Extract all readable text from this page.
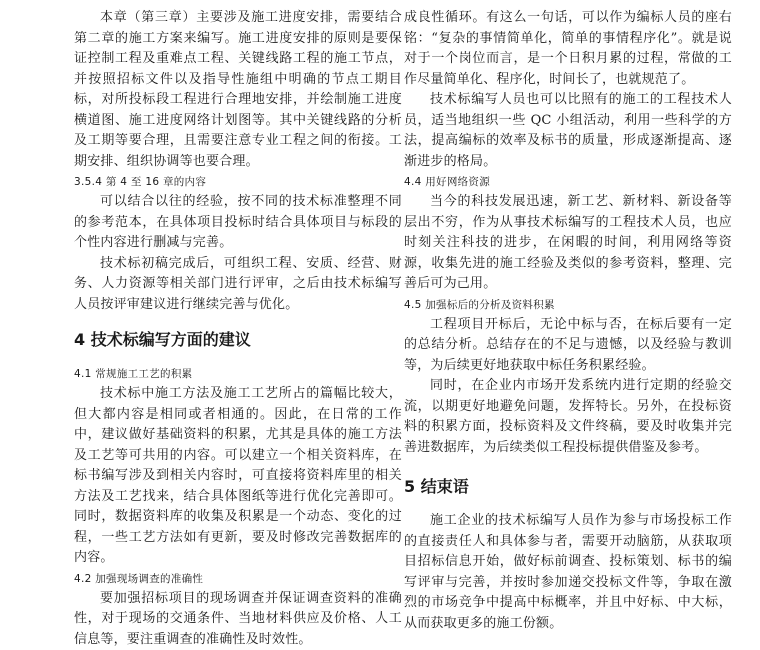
本章（第三章）主要涉及施工进度安排，需要结合第二章的施工方案来编写。施工进度安排的原则是要保证控制工程及重难点工程、关键线路工程的施工节点，并按照招标文件以及指导性施组中明确的节点工期目标，对所投标段工程进行合理地安排，并绘制施工进度横道图、施工进度网络计划图等。其中关键线路的分析及工期等要合理，且需要注意专业工程之间的衔接。工期安排、组织协调等也要合理。

3.5.4 第 4 至 16 章的内容

可以结合以往的经验，按不同的技术标准整理不同的参考范本，在具体项目投标时结合具体项目与标段的个性内容进行删减与完善。

技术标初稿完成后，可组织工程、安质、经营、财务、人力资源等相关部门进行评审，之后由技术标编写人员按评审建议进行继续完善与优化。

4 技术标编写方面的建议
4.1 常规施工工艺的积累

技术标中施工方法及施工工艺所占的篇幅比较大，但大都内容是相同或者相通的。因此，在日常的工作中，建议做好基础资料的积累，尤其是具体的施工方法及工艺等可共用的内容。可以建立一个相关资料库，在标书编写涉及到相关内容时，可直接将资料库里的相关方法及工艺找来，结合具体图纸等进行优化完善即可。同时，数据资料库的收集及积累是一个动态、变化的过程，一些工艺方法如有更新，要及时修改完善数据库的内容。

4.2 加强现场调查的准确性

要加强招标项目的现场调查并保证调查资料的准确性，对于现场的交通条件、当地材料供应及价格、人工信息等，要注重调查的准确性及时效性。

成良性循环。有这么一句话，可以作为编标人员的座右铭：“复杂的事情简单化，简单的事情程序化”。就是说对于一个岗位而言，是一个日积月累的过程，常做的工作尽量简单化、程序化，时间长了，也就规范了。

技术标编写人员也可以比照有的施工的工程技术人员，适当地组织一些 QC 小组活动，利用一些科学的方法，提高编标的效率及标书的质量，形成逐渐提高、逐渐进步的格局。

4.4 用好网络资源

当今的科技发展迅速，新工艺、新材料、新设备等层出不穷，作为从事技术标编写的工程技术人员，也应时刻关注科技的进步，在闲暇的时间，利用网络等资源，收集先进的施工经验及类似的参考资料，整理、完善后可为己用。

4.5 加强标后的分析及资料积累

工程项目开标后，无论中标与否，在标后要有一定的总结分析。总结存在的不足与遗憾，以及经验与教训等，为后续更好地获取中标任务积累经验。

同时，在企业内市场开发系统内进行定期的经验交流，以期更好地避免问题，发挥特长。另外，在投标资料的积累方面，投标资料及文件终稿，要及时收集并完善进数据库，为后续类似工程投标提供借鉴及参考。

5 结束语

施工企业的技术标编写人员作为参与市场投标工作的直接责任人和具体参与者，需要开动脑筋，从获取项目招标信息开始，做好标前调查、投标策划、标书的编写评审与完善，并按时参加递交投标文件等，争取在激烈的市场竞争中提高中标概率，并且中好标、中大标，从而获取更多的施工份额。
